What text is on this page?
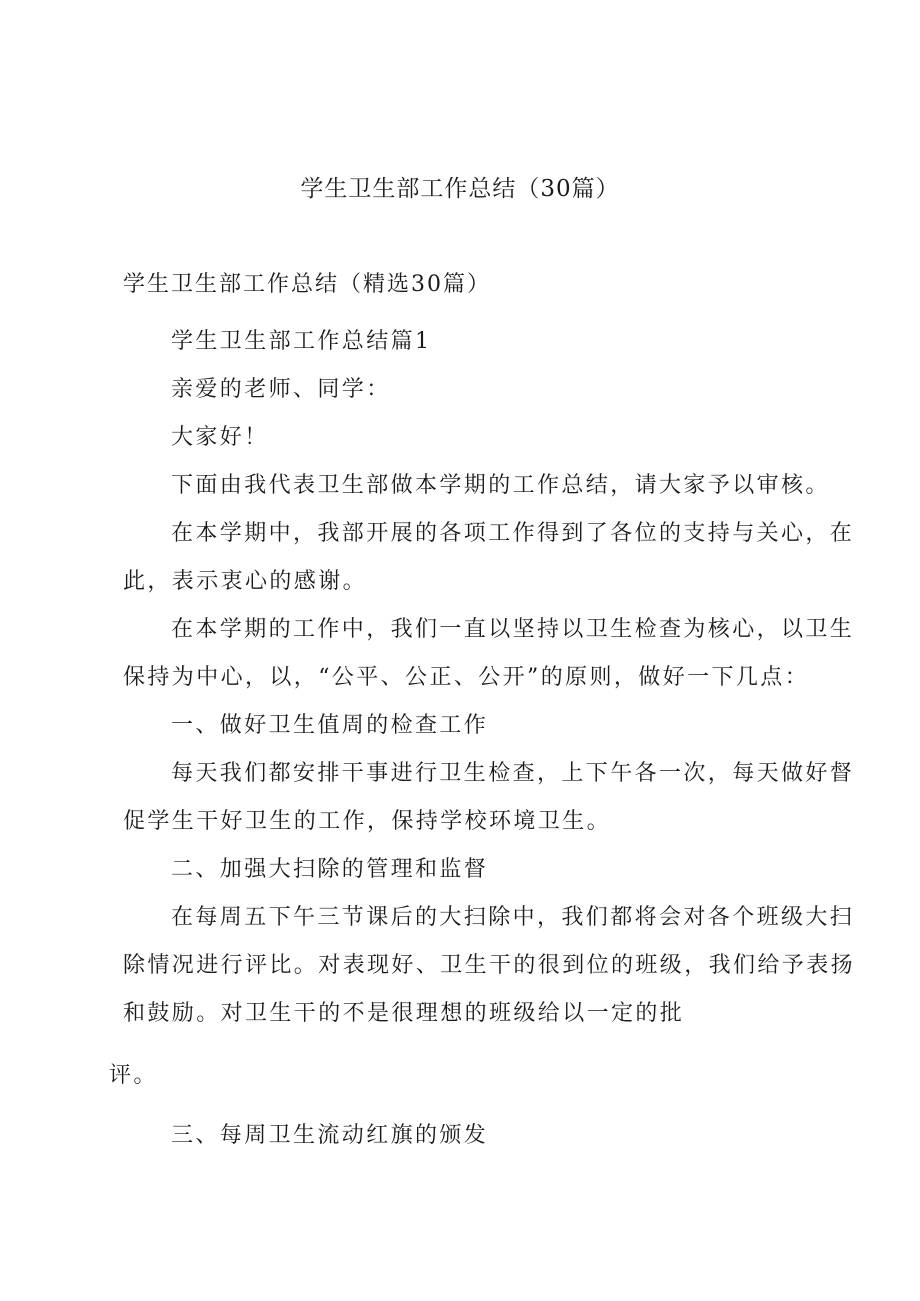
学生卫生部工作总结（30篇）
学生卫生部工作总结（精选30篇）

学生卫生部工作总结篇1

亲爱的老师、同学：

大家好！

下面由我代表卫生部做本学期的工作总结，请大家予以审核。

在本学期中，我部开展的各项工作得到了各位的支持与关心，在

此，表示衷心的感谢。

在本学期的工作中，我们一直以坚持以卫生检查为核心，以卫生

保持为中心，以，“公平、公正、公开”的原则，做好一下几点：

一、做好卫生值周的检查工作

每天我们都安排干事进行卫生检查，上下午各一次，每天做好督

促学生干好卫生的工作，保持学校环境卫生。

二、加强大扫除的管理和监督

在每周五下午三节课后的大扫除中，我们都将会对各个班级大扫

除情况进行评比。对表现好、卫生干的很到位的班级，我们给予表扬

和鼓励。对卫生干的不是很理想的班级给以一定的批

评。

三、每周卫生流动红旗的颁发
